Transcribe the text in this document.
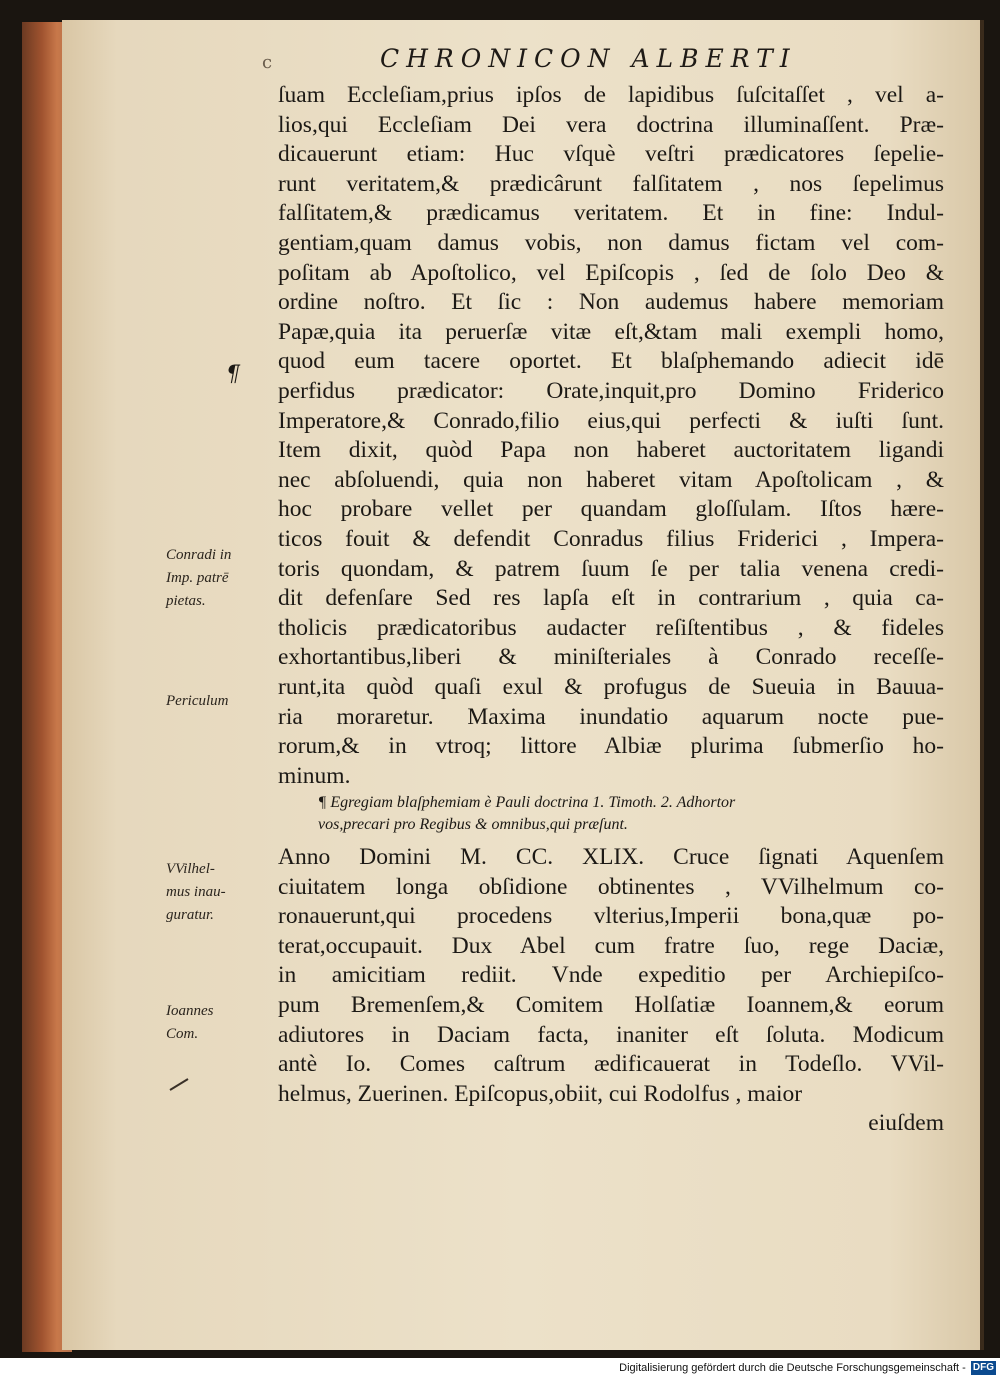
c	CHRONICON ALBERTI
¶
ſuam Eccleſiam,prius ipſos de lapidibus ſuſcitaſſet , vel a-
lios,qui Eccleſiam Dei vera doctrina illuminaſſent. Præ-
dicauerunt etiam: Huc vſquè veſtri prædicatores ſepelie-
runt veritatem,& prædicârunt falſitatem , nos ſepelimus
falſitatem,& prædicamus veritatem. Et in fine: Indul-
gentiam,quam damus vobis, non damus fictam vel com-
poſitam ab Apoſtolico, vel Epiſcopis , ſed de ſolo Deo &
ordine noſtro. Et ſic : Non audemus habere memoriam
Papæ,quia ita peruerſæ vitæ eſt,&tam mali exempli homo,
quod eum tacere oportet. Et blaſphemando adiecit idē
perfidus prædicator: Orate,inquit,pro Domino Friderico
Imperatore,& Conrado,filio eius,qui perfecti & iuſti ſunt.
Item dixit, quòd Papa non haberet auctoritatem ligandi
nec abſoluendi, quia non haberet vitam Apoſtolicam , &
hoc probare vellet per quandam gloſſulam. Iſtos hære-
ticos fouit & defendit Conradus filius Friderici , Impera-
toris quondam, & patrem ſuum ſe per talia venena credi-
dit defenſare Sed res lapſa eſt in contrarium , quia ca-
tholicis prædicatoribus audacter reſiſtentibus , & fideles
exhortantibus,liberi & miniſteriales à Conrado receſſe-
runt,ita quòd quaſi exul & profugus de Sueuia in Bauua-
ria moraretur. Maxima inundatio aquarum nocte pue-
rorum,& in vtroq; littore Albiæ plurima ſubmerſio ho-
minum.
¶ Egregiam blaſphemiam è Pauli doctrina 1. Timoth. 2. Adhortor
vos,precari pro Regibus & omnibus,qui præſunt.
Anno Domini M. CC. XLIX. Cruce ſignati Aquenſem
ciuitatem longa obſidione obtinentes , VVilhelmum co-
ronauerunt,qui procedens vlterius,Imperii bona,quæ po-
terat,occupauit. Dux Abel cum fratre ſuo, rege Daciæ,
in amicitiam rediit. Vnde expeditio per Archiepiſco-
pum Bremenſem,& Comitem Holſatiæ Ioannem,& eorum
adiutores in Daciam facta, inaniter eſt ſoluta. Modicum
antè Io. Comes caſtrum ædificauerat in Todeſlo. VVil-
helmus, Zuerinen. Epiſcopus,obiit, cui Rodolfus , maior
eiuſdem
Conradi in
Imp. patrē
pietas.
Periculum
VVilhel-
mus inau-
guratur.
Ioannes
Com.
Digitalisierung gefördert durch die Deutsche Forschungsgemeinschaft - DFG
